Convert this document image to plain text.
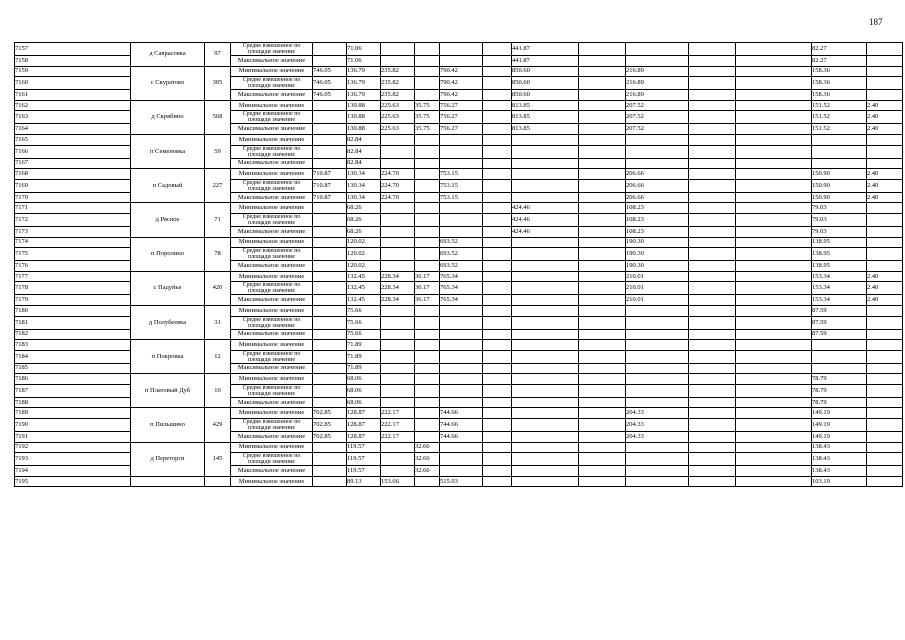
187
7157	д Саврасовка	97	Средне взвешенное по площади значение		71.06					441.87					82.27		
7158			Максимальное значение		71.06					441.87					82.27		
7159	с Скуратово	305	Минимальное значение	746.05	136.79	235.82		790.42		850.60		216.89			158.36		
7160			Средне взвешенное по площади значение	746.05	136.79	235.82		790.42		850.60		216.89			158.36		
7161			Максимальное значение	746.05	136.79	235.82		790.42		850.60		216.89			158.36		
7162	д Скрябино	568	Минимальное значение		130.88	225.63	35.75	756.27		813.85		207.52			151.52	2.40	
7163			Средне взвешенное по площади значение		130.88	225.63	35.75	756.27		813.85		207.52			151.52	2.40	
7164			Максимальное значение		130.88	225.63	35.75	756.27		813.85		207.52			151.52	2.40	
7165	п Семеновка	59	Минимальное значение		82.84												
7166			Средне взвешенное по площади значение		82.84												
7167			Максимальное значение		82.84												
7168	п Садовый	227	Минимальное значение	710.87	130.34	224.70		753.15				206.66			150.90	2.40	
7169			Средне взвешенное по площади значение	710.87	130.34	224.70		753.15				206.66			150.90	2.40	
7170			Максимальное значение	710.87	130.34	224.70		753.15				206.66			150.90	2.40	
7171	д Рясное	71	Минимальное значение		68.26					424.46		108.23			79.03		
7172			Средне взвешенное по площади значение		68.26					424.46		108.23			79.03		
7173			Максимальное значение		68.26					424.46		108.23			79.03		
7174	п Поролино	78	Минимальное значение		120.02			693.52				190.30			138.95		
7175			Средне взвешенное по площади значение		120.02			693.52				190.30			138.95		
7176			Максимальное значение		120.02			693.52				190.30			138.95		
7177	с Падуйье	420	Минимальное значение		132.45	228.34	36.17	765.34				210.01			153.34	2.40	
7178			Средне взвешенное по площади значение		132.45	228.34	36.17	765.34				210.01			153.34	2.40	
7179			Максимальное значение		132.45	228.34	36.17	765.34				210.01			153.34	2.40	
7180	д Полубеевка	31	Минимальное значение		75.66										87.59		
7181			Средне взвешенное по площади значение		75.66										87.59		
7182			Максимальное значение		75.66										87.59		
7183	п Покровка	12	Минимальное значение		71.89												
7184			Средне взвешенное по площади значение		71.89												
7185			Максимальное значение		71.89												
7186	п Платовый Дуб	10	Минимальное значение		68.06										78.79		
7187			Средне взвешенное по площади значение		68.06										78.79		
7188			Максимальное значение		68.06										78.79		
7189	п Пильшино	429	Минимальное значение	702.85	128.87	222.17		744.66				204.33			149.19		
7190			Средне взвешенное по площади значение	702.85	128.87	222.17		744.66				204.33			149.19		
7191			Максимальное значение	702.85	128.87	222.17		744.66				204.33			149.19		
7192	д Переторги	145	Минимальное значение		119.57		32.66								138.43		
7193			Средне взвешенное по площади значение		119.57		32.66								138.43		
7194			Максимальное значение		119.57		32.66								138.43		
7195			Минимальное значение		89.13	153.66		515.03							103.19		
